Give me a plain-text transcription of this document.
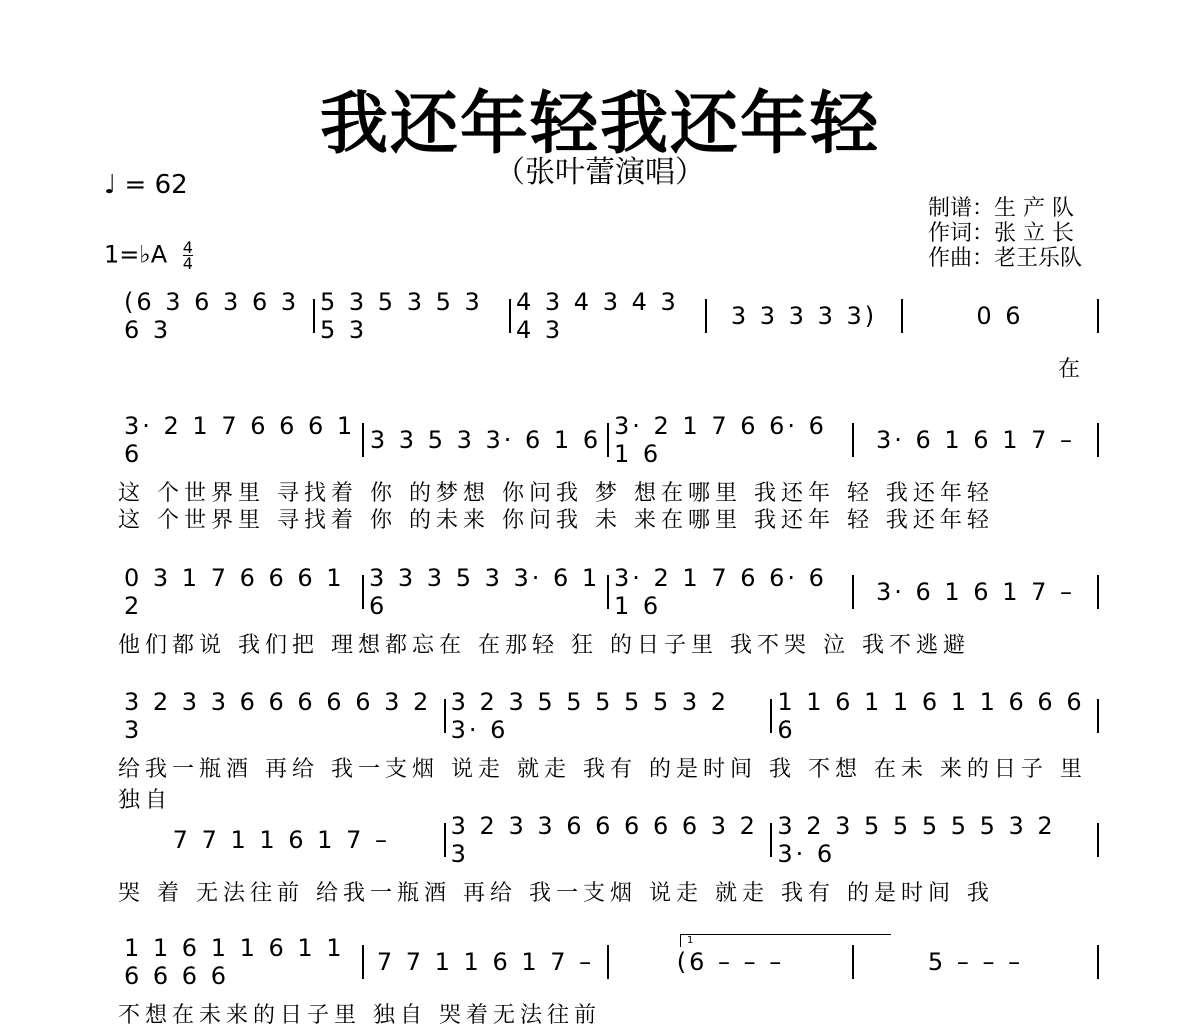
我还年轻我还年轻
（张叶蕾演唱）
♩ = 62
1=♭A $\frac{4}{4}$
制谱：生 产 队
作词：张 立 长
作曲：老王乐队
(6 3 6 3 6 3 6 3
5 3 5 3 5 3 5 3
4 3 4 3 4 3 4 3	3 3 3 3 3)	0 6
在
3· 2 1 7 6 6 6 1 6	3 3 5 3 3· 6 1 6 3· 2 1 7 6 6· 6 1 6	3· 6 1 6 1 7 –
这 个世界里 寻找着 你 的梦想 你问我 梦 想在哪里 我还年 轻 我还年轻
这 个世界里 寻找着 你 的未来 你问我 未 来在哪里 我还年 轻 我还年轻
0 3 1 7 6 6 6 1 2
3 3 3 5 3 3· 6 1 6
3· 2 1 7 6 6· 6 1 6	3· 6 1 6 1 7 –
他们都说 我们把 理想都忘在 在那轻 狂 的日子里 我不哭 泣 我不逃避
3 2 3 3 6 6 6 6 6 3 2 3
3 2 3 5 5 5 5 5 3 2 3· 6
1 1 6 1 1 6 1 1 6 6 6 6
给我一瓶酒 再给 我一支烟 说走 就走 我有 的是时间 我 不想 在未 来的日子 里 独自
7 7 1 1 6 1 7 –	3 2 3 3 6 6 6 6 6 3 2 3
3 2 3 5 5 5 5 5 3 2 3· 6
哭 着 无法往前 给我一瓶酒 再给 我一支烟 说走 就走 我有 的是时间 我
1 1 6 1 1 6 1 1 6 6 6 6	7 7 1 1 6 1 7 –	(6 – – –	5 – – –
不想在未来的日子里 独自 哭着无法往前
1
